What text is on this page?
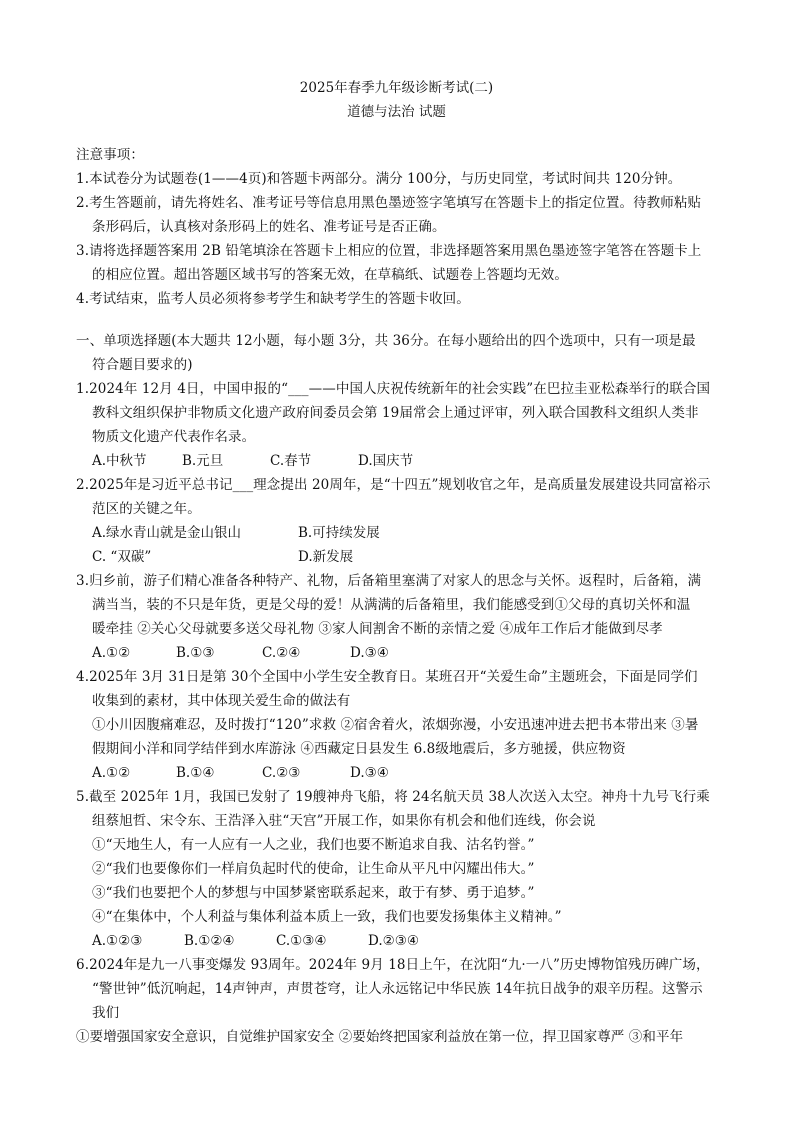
2025年春季九年级诊断考试(二)
道德与法治 试题
注意事项：
1.本试卷分为试题卷(1——4页)和答题卡两部分。满分 100分，与历史同堂，考试时间共 120分钟。
2.考生答题前，请先将姓名、准考证号等信息用黑色墨迹签字笔填写在答题卡上的指定位置。待教师粘贴
条形码后，认真核对条形码上的姓名、准考证号是否正确。
3.请将选择题答案用 2B 铅笔填涂在答题卡上相应的位置，非选择题答案用黑色墨迹签字笔答在答题卡上
的相应位置。超出答题区域书写的答案无效，在草稿纸、试题卷上答题均无效。
4.考试结束，监考人员必须将参考学生和缺考学生的答题卡收回。
一、单项选择题(本大题共 12小题，每小题 3分，共 36分。在每小题给出的四个选项中，只有一项是最
符合题目要求的)
1.2024年 12月 4日，中国申报的“___——中国人庆祝传统新年的社会实践”在巴拉圭亚松森举行的联合国
教科文组织保护非物质文化遗产政府间委员会第 19届常会上通过评审，列入联合国教科文组织人类非
物质文化遗产代表作名录。
A.中秋节	B.元旦	C.春节	D.国庆节
2.2025年是习近平总书记___理念提出 20周年，是“十四五”规划收官之年，是高质量发展建设共同富裕示
范区的关键之年。
A.绿水青山就是金山银山	B.可持续发展
C. “双碳”	D.新发展
3.归乡前，游子们精心准备各种特产、礼物，后备箱里塞满了对家人的思念与关怀。返程时，后备箱，满
满当当，装的不只是年货，更是父母的爱！从满满的后备箱里，我们能感受到①父母的真切关怀和温
暖牵挂 ②关心父母就要多送父母礼物 ③家人间割舍不断的亲情之爱 ④成年工作后才能做到尽孝
A.①②	B.①③	C.②④	D.③④
4.2025年 3月 31日是第 30个全国中小学生安全教育日。某班召开“关爱生命”主题班会，下面是同学们
收集到的素材，其中体现关爱生命的做法有
①小川因腹痛难忍，及时拨打“120”求救 ②宿舍着火，浓烟弥漫，小安迅速冲进去把书本带出来 ③暑
假期间小洋和同学结伴到水库游泳 ④西藏定日县发生 6.8级地震后，多方驰援，供应物资
A.①②	B.①④	C.②③	D.③④
5.截至 2025年 1月，我国已发射了 19艘神舟飞船，将 24名航天员 38人次送入太空。神舟十九号飞行乘
组蔡旭哲、宋令东、王浩泽入驻“天宫”开展工作，如果你有机会和他们连线，你会说
①“天地生人，有一人应有一人之业，我们也要不断追求自我、沽名钓誉。”
②“我们也要像你们一样肩负起时代的使命，让生命从平凡中闪耀出伟大。”
③“我们也要把个人的梦想与中国梦紧密联系起来，敢于有梦、勇于追梦。”
④“在集体中，个人利益与集体利益本质上一致，我们也要发扬集体主义精神。”
A.①②③	B.①②④	C.①③④	D.②③④
6.2024年是九一八事变爆发 93周年。2024年 9月 18日上午，在沈阳“九·一八”历史博物馆残历碑广场，
“警世钟”低沉响起，14声钟声，声贯苍穹，让人永远铭记中华民族 14年抗日战争的艰辛历程。这警示
我们
①要增强国家安全意识，自觉维护国家安全 ②要始终把国家利益放在第一位，捍卫国家尊严 ③和平年
